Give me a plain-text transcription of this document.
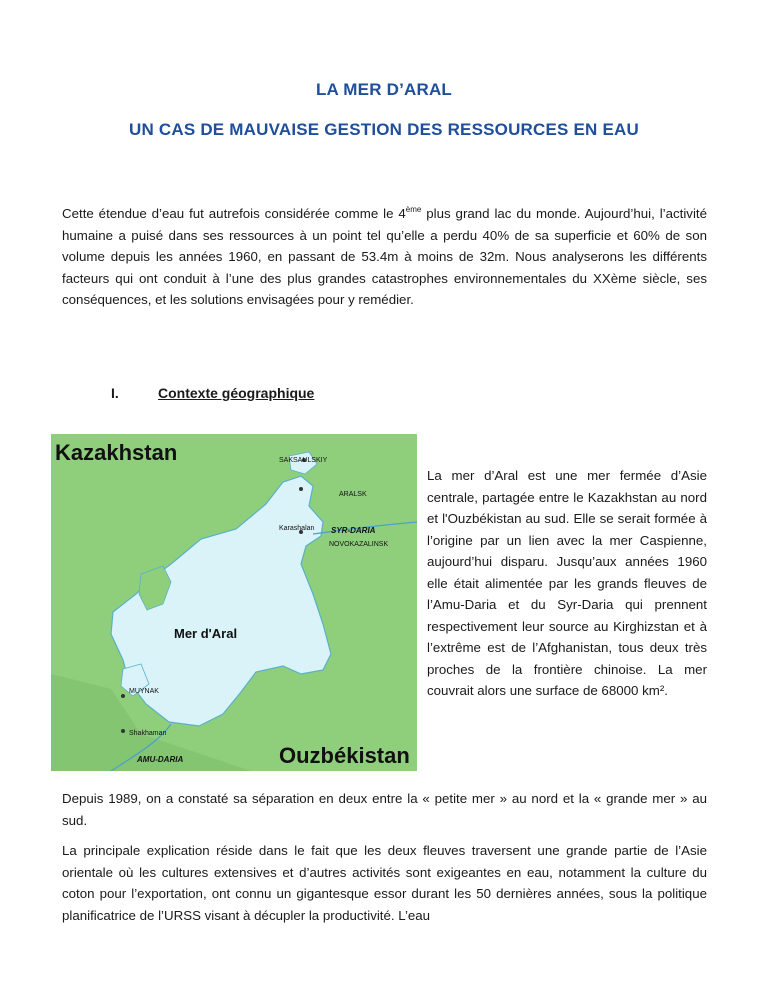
LA MER D’ARAL
UN CAS DE MAUVAISE GESTION DES RESSOURCES EN EAU

Cette étendue d’eau fut autrefois considérée comme le 4ème plus grand lac du monde. Aujourd’hui, l’activité humaine a puisé dans ses ressources à un point tel qu’elle a perdu 40% de sa superficie et 60% de son volume depuis les années 1960, en passant de 53.4m à moins de 32m. Nous analyserons les différents facteurs qui ont conduit à l’une des plus grandes catastrophes environnementales du XXème siècle, ses conséquences, et les solutions envisagées pour y remédier.

I.	Contexte géographique
Kazakhstan	SAKSAULSKIY
ARALSK
Karashalan SYR-DARIA
NOVOKAZALINSK
Mer d'Aral
MUYNAK
Shakhaman
AMU-DARIA	Ouzbékistan

La mer d’Aral est une mer fermée d’Asie centrale, partagée entre le Kazakhstan au nord et l'Ouzbékistan au sud. Elle se serait formée à l’origine par un lien avec la mer Caspienne, aujourd’hui disparu. Jusqu’aux années 1960 elle était alimentée par les grands fleuves de l’Amu-Daria et du Syr-Daria qui prennent respectivement leur source au Kirghizstan et à l’extrême est de l’Afghanistan, tous deux très proches de la frontière chinoise. La mer couvrait alors une surface de 68000 km².

Depuis 1989, on a constaté sa séparation en deux entre la « petite mer » au nord et la « grande mer » au sud.

La principale explication réside dans le fait que les deux fleuves traversent une grande partie de l’Asie orientale où les cultures extensives et d’autres activités sont exigeantes en eau, notamment la culture du coton pour l’exportation, ont connu un gigantesque essor durant les 50 dernières années, sous la politique planificatrice de l’URSS visant à décupler la productivité. L’eau
